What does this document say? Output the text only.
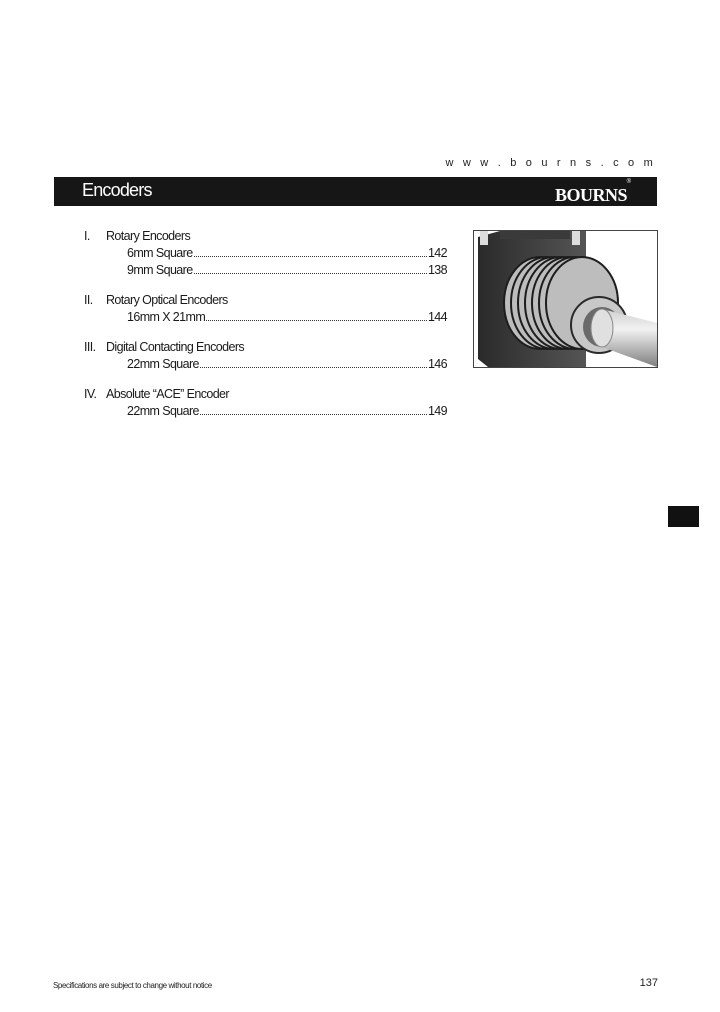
w w w . b o u r n s . c o m
Encoders	BOURNS
®
I.	Rotary Encoders
6mm Square	142
9mm Square	138
II.	Rotary Optical Encoders
16mm X 21mm	144
III. Digital Contacting Encoders
22mm Square	146
IV. Absolute “ACE” Encoder
22mm Square	149
Specifications are subject to change without notice	137
